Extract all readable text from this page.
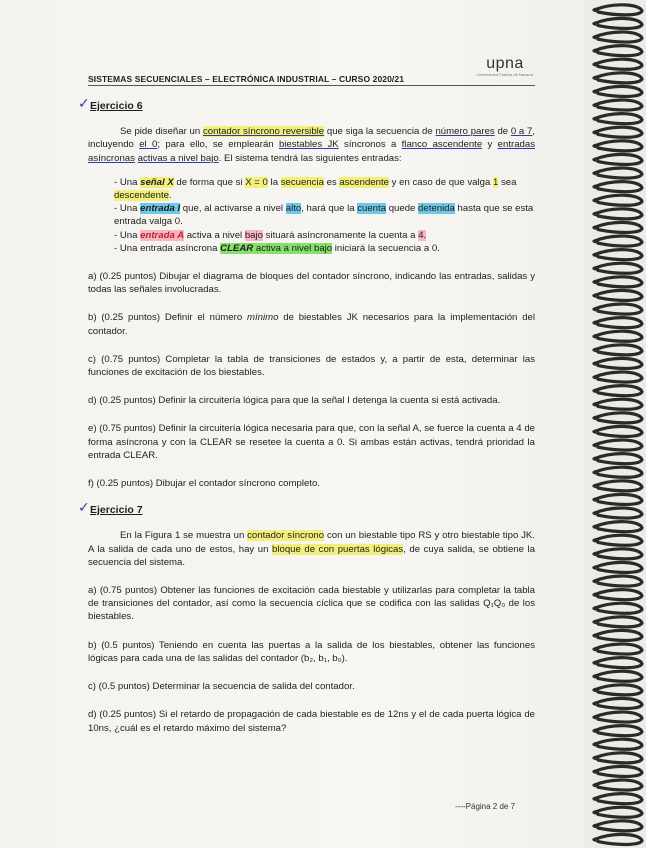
upna
Universidad Pública de Navarra
SISTEMAS SECUENCIALES – ELECTRÓNICA INDUSTRIAL – CURSO 2020/21
✓ Ejercicio 6

Se pide diseñar un contador síncrono reversible que siga la secuencia de número pares de 0 a 7, incluyendo el 0; para ello, se emplearán biestables JK síncronos a flanco ascendente y entradas asíncronas activas a nivel bajo. El sistema tendrá las siguientes entradas:

- Una señal X de forma que si X = 0 la secuencia es ascendente y en caso de que valga 1 sea descendente.

- Una entrada I que, al activarse a nivel alto, hará que la cuenta quede detenida hasta que se esta entrada valga 0.

- Una entrada A activa a nivel bajo situará asíncronamente la cuenta a 4.

- Una entrada asíncrona CLEAR activa a nivel bajo iniciará la secuencia a 0.

a) (0.25 puntos) Dibujar el diagrama de bloques del contador síncrono, indicando las entradas, salidas y todas las señales involucradas.

b) (0.25 puntos) Definir el número mínimo de biestables JK necesarios para la implementación del contador.

c) (0.75 puntos) Completar la tabla de transiciones de estados y, a partir de esta, determinar las funciones de excitación de los biestables.

d) (0.25 puntos) Definir la circuitería lógica para que la señal I detenga la cuenta si está activada.

e) (0.75 puntos) Definir la circuitería lógica necesaria para que, con la señal A, se fuerce la cuenta a 4 de forma asíncrona y con la CLEAR se resetee la cuenta a 0. Si ambas están activas, tendrá prioridad la entrada CLEAR.

f) (0.25 puntos) Dibujar el contador síncrono completo.

✓ Ejercicio 7

En la Figura 1 se muestra un contador síncrono con un biestable tipo RS y otro biestable tipo JK. A la salida de cada uno de estos, hay un bloque de con puertas lógicas, de cuya salida, se obtiene la secuencia del sistema.

a) (0.75 puntos) Obtener las funciones de excitación cada biestable y utilizarlas para completar la tabla de transiciones del contador, así como la secuencia cíclica que se codifica con las salidas Q₁Q₀ de los biestables.

b) (0.5 puntos) Teniendo en cuenta las puertas a la salida de los biestables, obtener las funciones lógicas para cada una de las salidas del contador (b₂, b₁, b₀).

c) (0.5 puntos) Determinar la secuencia de salida del contador.

d) (0.25 puntos) Si el retardo de propagación de cada biestable es de 12ns y el de cada puerta lógica de 10ns, ¿cuál es el retardo máximo del sistema?

----Página 2 de 7
